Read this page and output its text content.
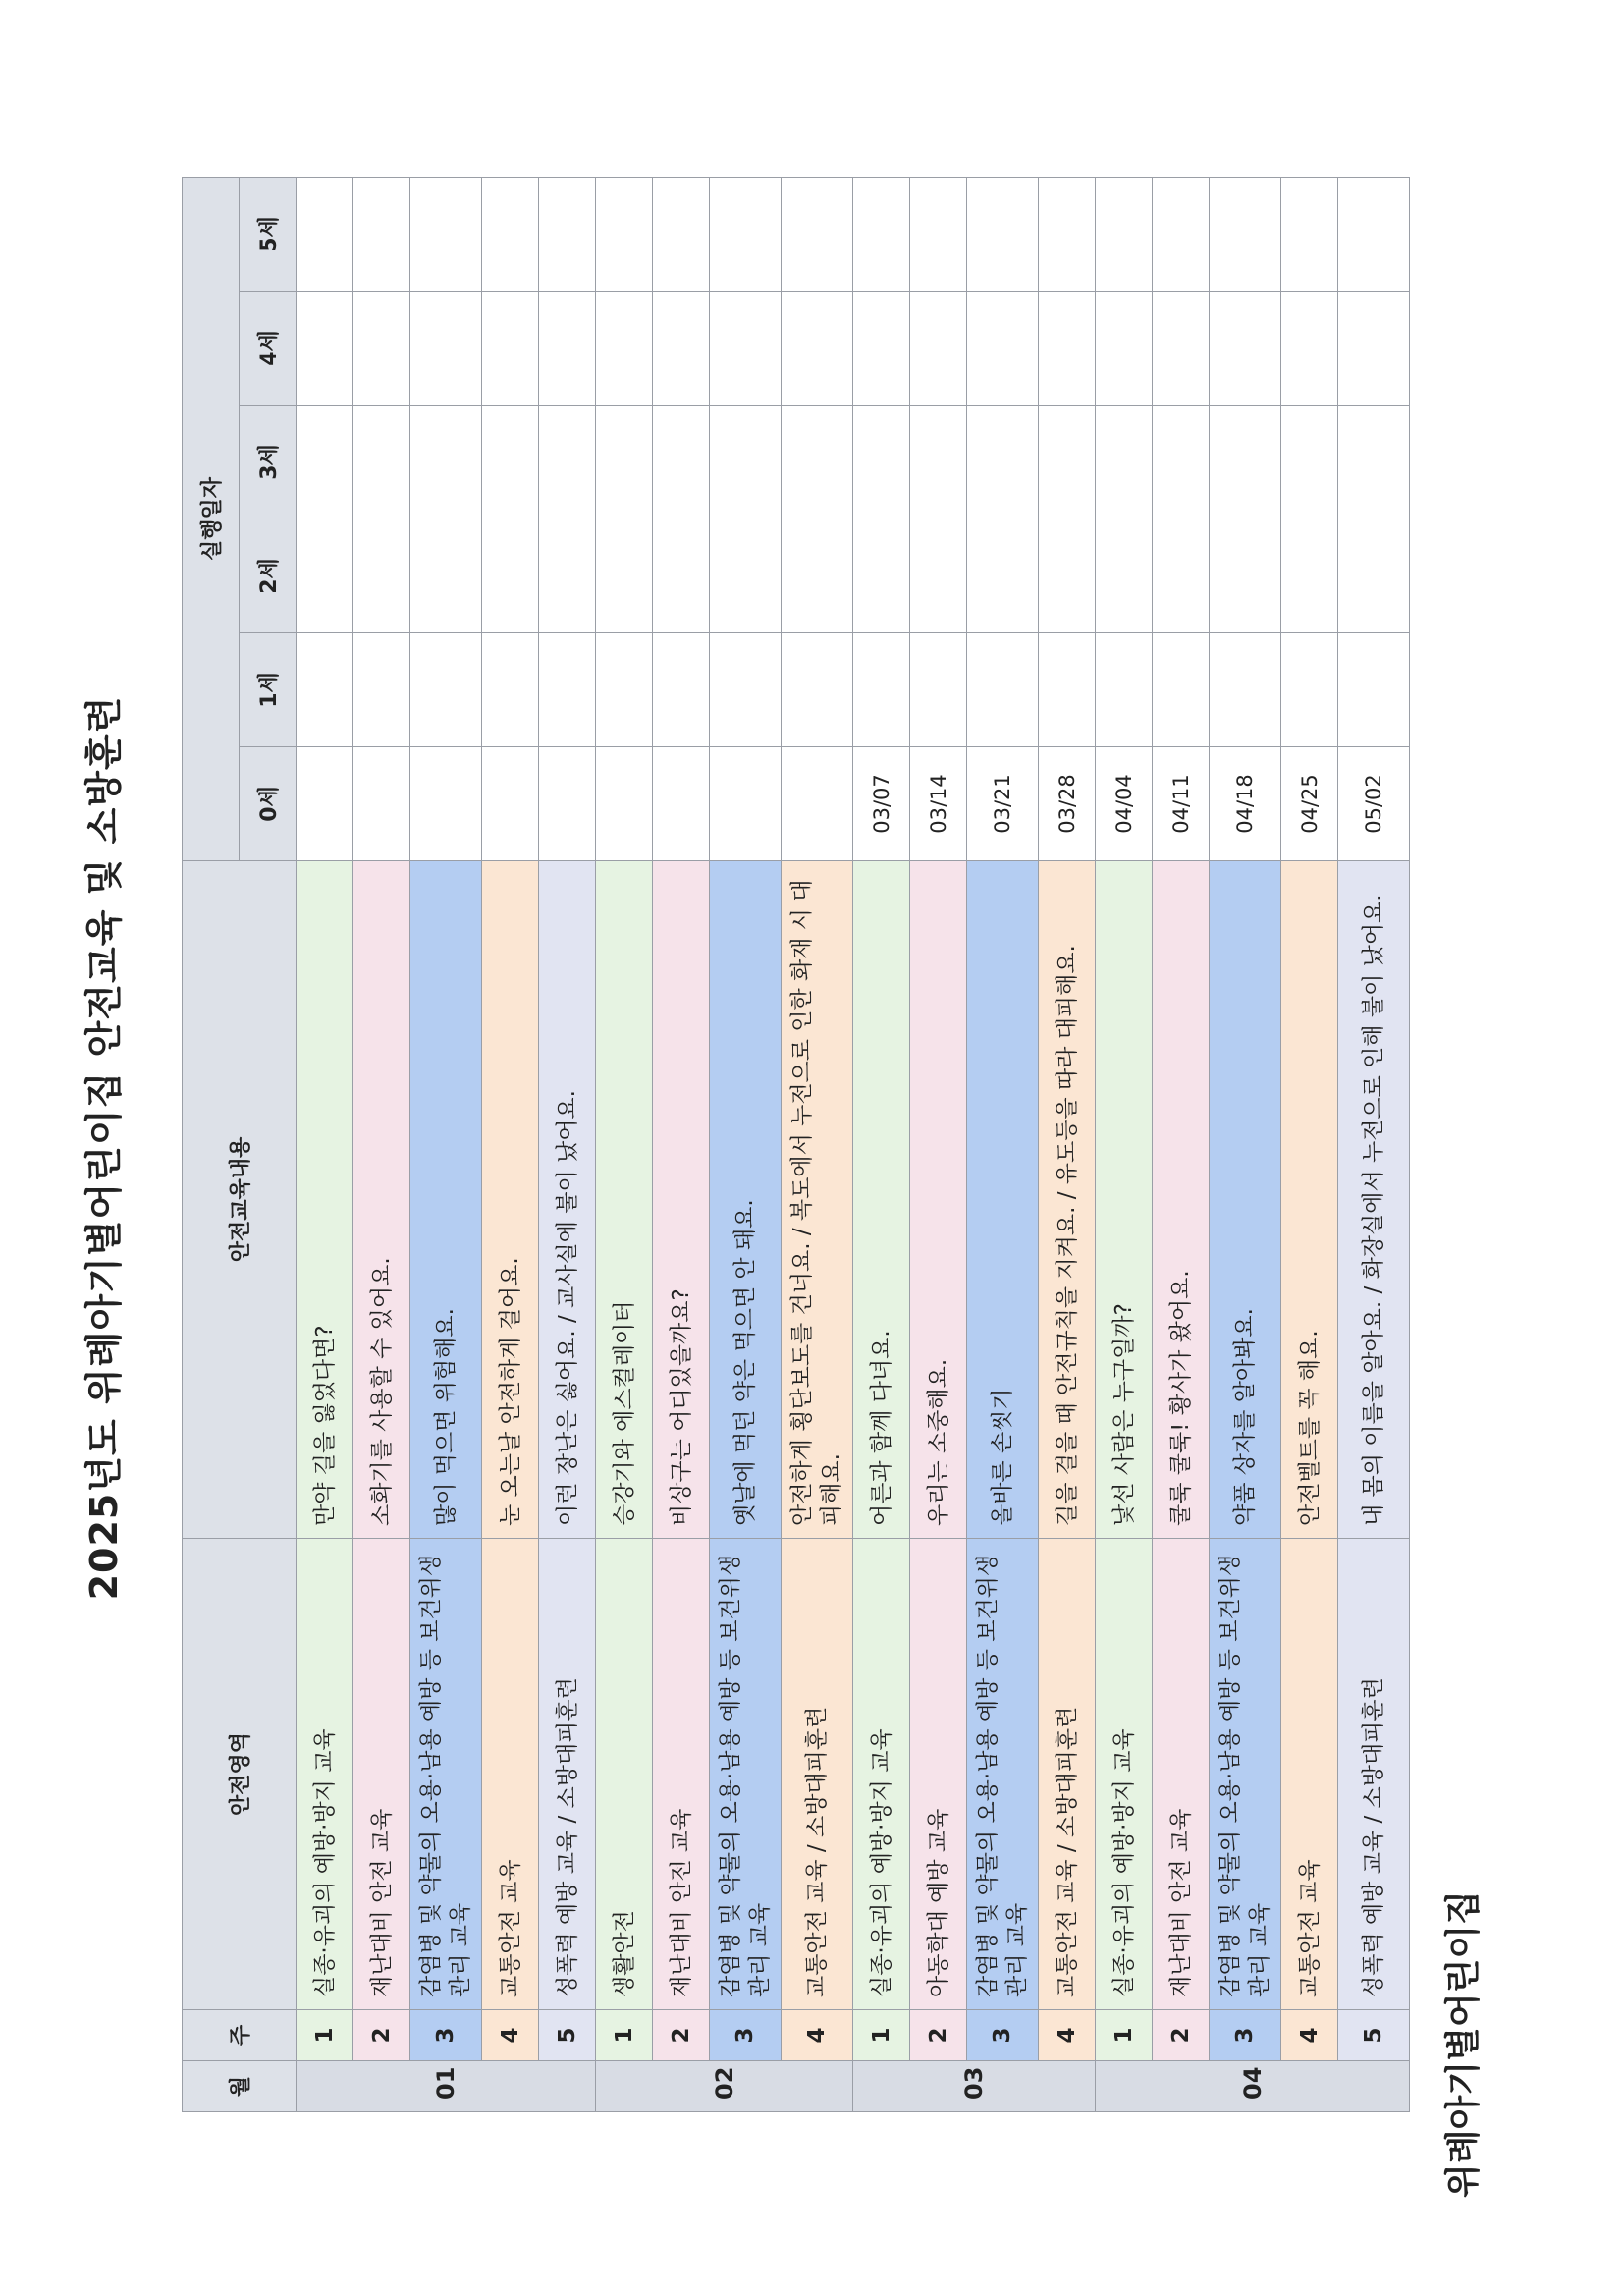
2025년도 위례아기별어린이집 안전교육 및 소방훈련
월	주	안전영역	안전교육내용	실행일자					
				0세	1세	2세	3세	4세	5세
01	1	실종·유괴의 예방·방지 교육	만약 길을 잃었다면?						
	2	재난대비 안전 교육	소화기를 사용할 수 있어요.						
	3	감염병 및 약물의 오용·남용 예방 등 보건위생관리 교육	많이 먹으면 위험해요.						
	4	교통안전 교육	눈 오는날 안전하게 걸어요.						
	5	성폭력 예방 교육 / 소방대피훈련	이런 장난은 싫어요. / 교사실에 불이 났어요.						
02	1	생활안전	승강기와 에스컬레이터						
	2	재난대비 안전 교육	비상구는 어디있을까요?						
	3	감염병 및 약물의 오용·남용 예방 등 보건위생관리 교육	옛날에 먹던 약은 먹으면 안 돼요.						
	4	교통안전 교육 / 소방대피훈련	안전하게 횡단보도를 건너요. / 복도에서 누전으로 인한 화재 시 대피해요.						
03	1	실종·유괴의 예방·방지 교육	어른과 함께 다녀요.	03/07					
	2	아동학대 예방 교육	우리는 소중해요.	03/14					
	3	감염병 및 약물의 오용·남용 예방 등 보건위생관리 교육	올바른 손씻기	03/21					
	4	교통안전 교육 / 소방대피훈련	길을 걸을 때 안전규칙을 지켜요. / 유도등을 따라 대피해요.	03/28					
04	1	실종·유괴의 예방·방지 교육	낯선 사람은 누구일까?	04/04					
	2	재난대비 안전 교육	쿨룩 쿨룩! 황사가 왔어요.	04/11					
	3	감염병 및 약물의 오용·남용 예방 등 보건위생관리 교육	약품 상자를 알아봐요.	04/18					
	4	교통안전 교육	안전벨트를 꼭 해요.	04/25					
	5	성폭력 예방 교육 / 소방대피훈련	내 몸의 이름을 알아요. / 화장실에서 누전으로 인해 불이 났어요.	05/02					
위례아기별어린이집
